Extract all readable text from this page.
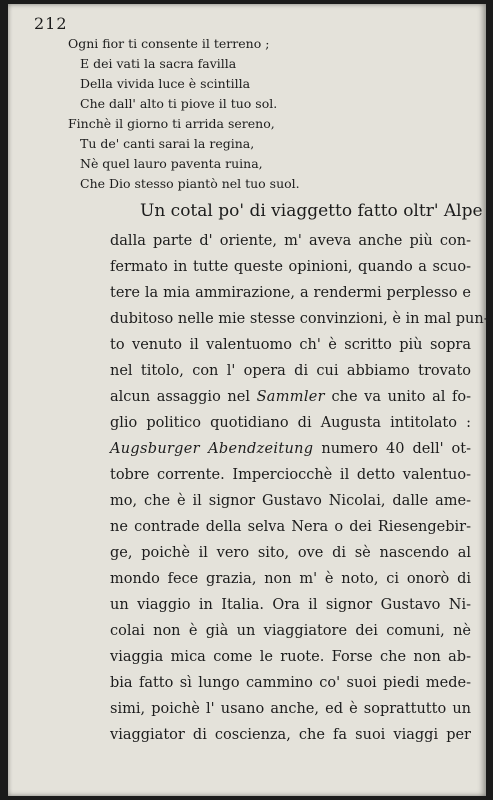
212
Ogni fior ti consente il terreno ;
E dei vati la sacra favilla
Della vivida luce è scintilla
Che dall' alto ti piove il tuo sol.
Finchè il giorno ti arrida sereno,
Tu de' canti sarai la regina,
Nè quel lauro paventa ruina,
Che Dio stesso piantò nel tuo suol.
Un cotal po' di viaggetto fatto oltr' Alpe
dalla parte d' oriente, m' aveva anche più con-
fermato in tutte queste opinioni, quando a scuo-
tere la mia ammirazione, a rendermi perplesso e
dubitoso nelle mie stesse convinzioni, è in mal pun-
to venuto il valentuomo ch' è scritto più sopra
nel titolo, con l' opera di cui abbiamo trovato
alcun assaggio nel Sammler che va unito al fo-
glio politico quotidiano di Augusta intitolato :
Augsburger Abendzeitung numero 40 dell' ot-
tobre corrente. Imperciocchè il detto valentuo-
mo, che è il signor Gustavo Nicolai, dalle ame-
ne contrade della selva Nera o dei Riesengebir-
ge, poichè il vero sito, ove di sè nascendo al
mondo fece grazia, non m' è noto, ci onorò di
un viaggio in Italia. Ora il signor Gustavo Ni-
colai non è già un viaggiatore dei comuni, nè
viaggia mica come le ruote. Forse che non ab-
bia fatto sì lungo cammino co' suoi piedi mede-
simi, poichè l' usano anche, ed è soprattutto un
viaggiator di coscienza, che fa suoi viaggi per
